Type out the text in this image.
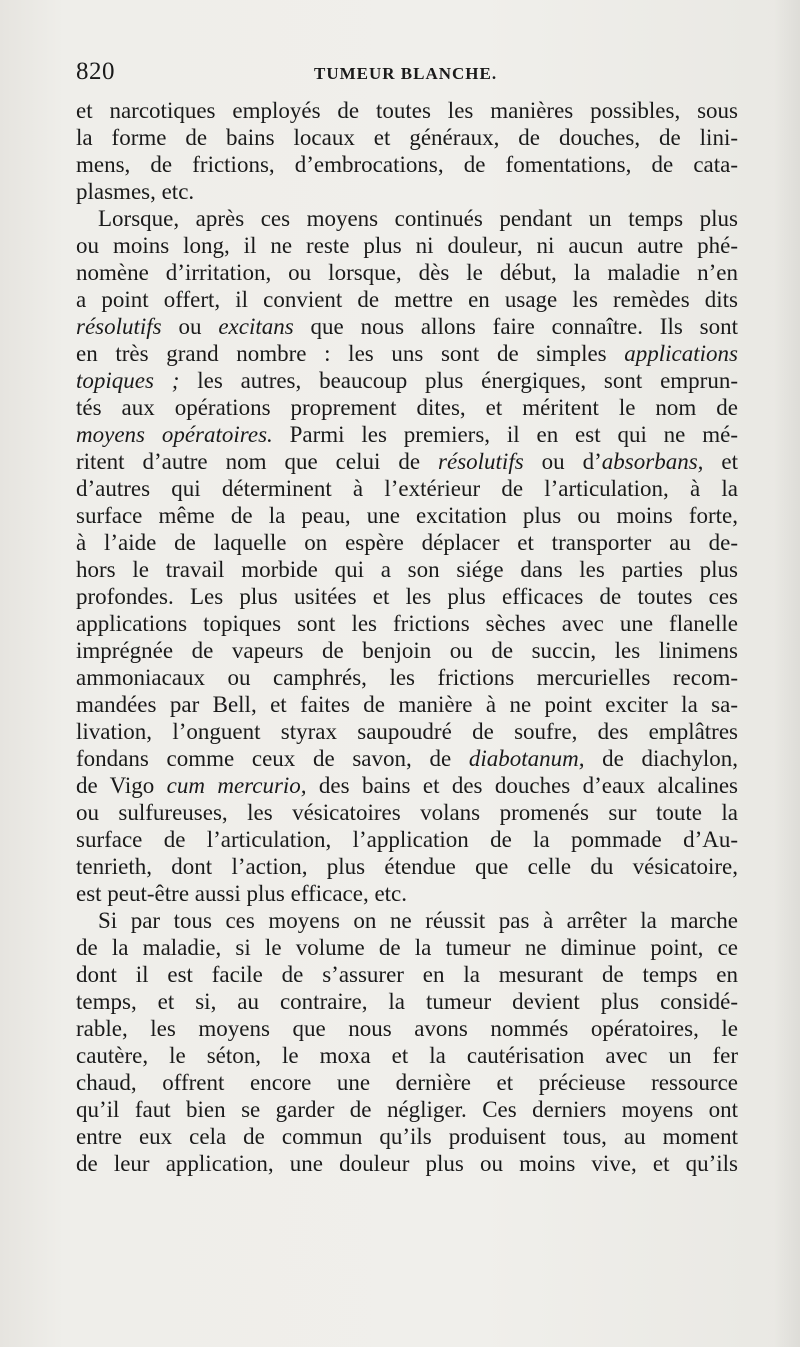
820	TUMEUR BLANCHE.
et narcotiques employés de toutes les manières possibles, sous
la forme de bains locaux et généraux, de douches, de lini-
mens, de frictions, d’embrocations, de fomentations, de cata-
plasmes, etc.
Lorsque, après ces moyens continués pendant un temps plus
ou moins long, il ne reste plus ni douleur, ni aucun autre phé-
nomène d’irritation, ou lorsque, dès le début, la maladie n’en
a point offert, il convient de mettre en usage les remèdes dits
résolutifs ou excitans que nous allons faire connaître. Ils sont
en très grand nombre : les uns sont de simples applications
topiques ; les autres, beaucoup plus énergiques, sont emprun-
tés aux opérations proprement dites, et méritent le nom de
moyens opératoires. Parmi les premiers, il en est qui ne mé-
ritent d’autre nom que celui de résolutifs ou d’absorbans, et
d’autres qui déterminent à l’extérieur de l’articulation, à la
surface même de la peau, une excitation plus ou moins forte,
à l’aide de laquelle on espère déplacer et transporter au de-
hors le travail morbide qui a son siége dans les parties plus
profondes. Les plus usitées et les plus efficaces de toutes ces
applications topiques sont les frictions sèches avec une flanelle
imprégnée de vapeurs de benjoin ou de succin, les linimens
ammoniacaux ou camphrés, les frictions mercurielles recom-
mandées par Bell, et faites de manière à ne point exciter la sa-
livation, l’onguent styrax saupoudré de soufre, des emplâtres
fondans comme ceux de savon, de diabotanum, de diachylon,
de Vigo cum mercurio, des bains et des douches d’eaux alcalines
ou sulfureuses, les vésicatoires volans promenés sur toute la
surface de l’articulation, l’application de la pommade d’Au-
tenrieth, dont l’action, plus étendue que celle du vésicatoire,
est peut-être aussi plus efficace, etc.
Si par tous ces moyens on ne réussit pas à arrêter la marche
de la maladie, si le volume de la tumeur ne diminue point, ce
dont il est facile de s’assurer en la mesurant de temps en
temps, et si, au contraire, la tumeur devient plus considé-
rable, les moyens que nous avons nommés opératoires, le
cautère, le séton, le moxa et la cautérisation avec un fer
chaud, offrent encore une dernière et précieuse ressource
qu’il faut bien se garder de négliger. Ces derniers moyens ont
entre eux cela de commun qu’ils produisent tous, au moment
de leur application, une douleur plus ou moins vive, et qu’ils
